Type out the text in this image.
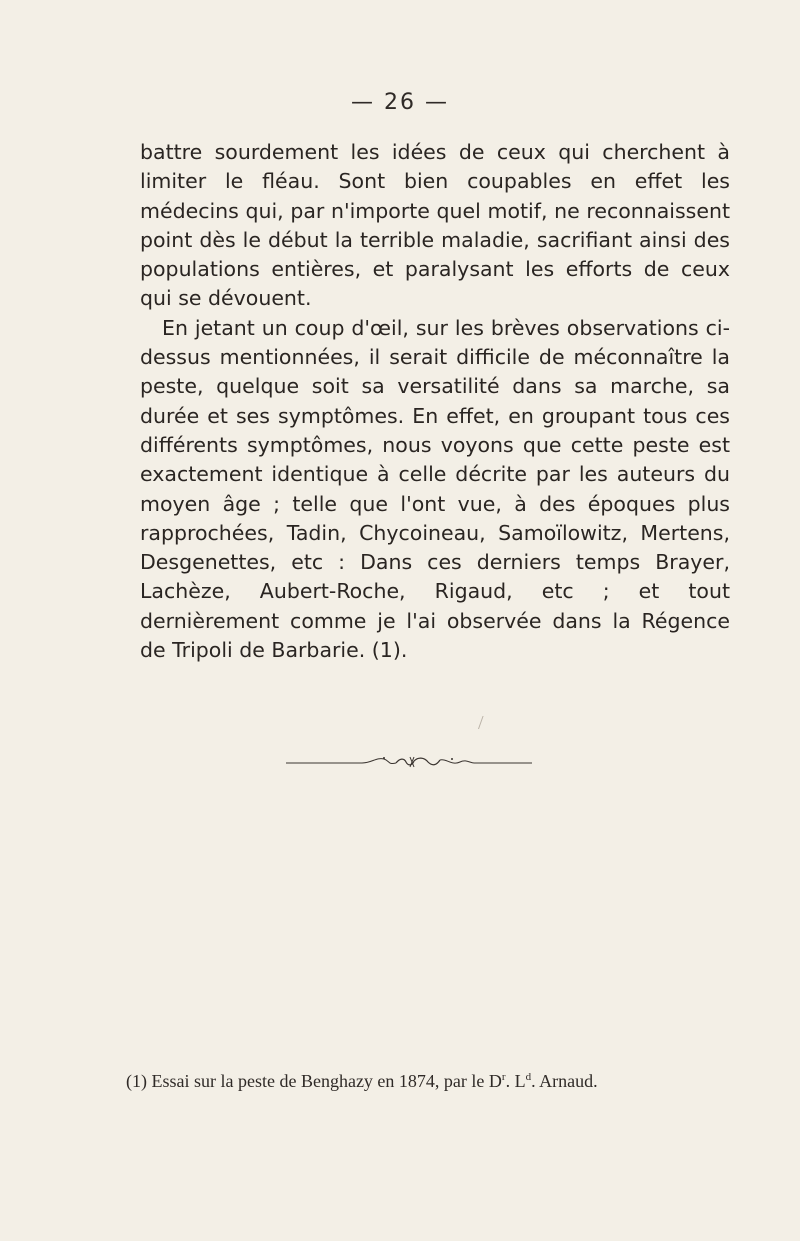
— 26 —

battre sourdement les idées de ceux qui cherchent à limiter le fléau. Sont bien coupables en effet les médecins qui, par n'importe quel motif, ne reconnaissent point dès le début la terrible maladie, sacrifiant ainsi des populations entières, et paralysant les efforts de ceux qui se dévouent.

En jetant un coup d'œil, sur les brèves observations ci-dessus mentionnées, il serait difficile de méconnaître la peste, quelque soit sa versatilité dans sa marche, sa durée et ses symptômes. En effet, en groupant tous ces différents symptômes, nous voyons que cette peste est exactement identique à celle décrite par les auteurs du moyen âge ; telle que l'ont vue, à des époques plus rapprochées, Tadin, Chycoineau, Samoïlowitz, Mertens, Desgenettes, etc : Dans ces derniers temps Brayer, Lachèze, Aubert-Roche, Rigaud, etc ; et tout dernièrement comme je l'ai observée dans la Régence de Tripoli de Barbarie. (1).

/
(1) Essai sur la peste de Benghazy en 1874, par le $D^r$. $L^d$. Arnaud.
